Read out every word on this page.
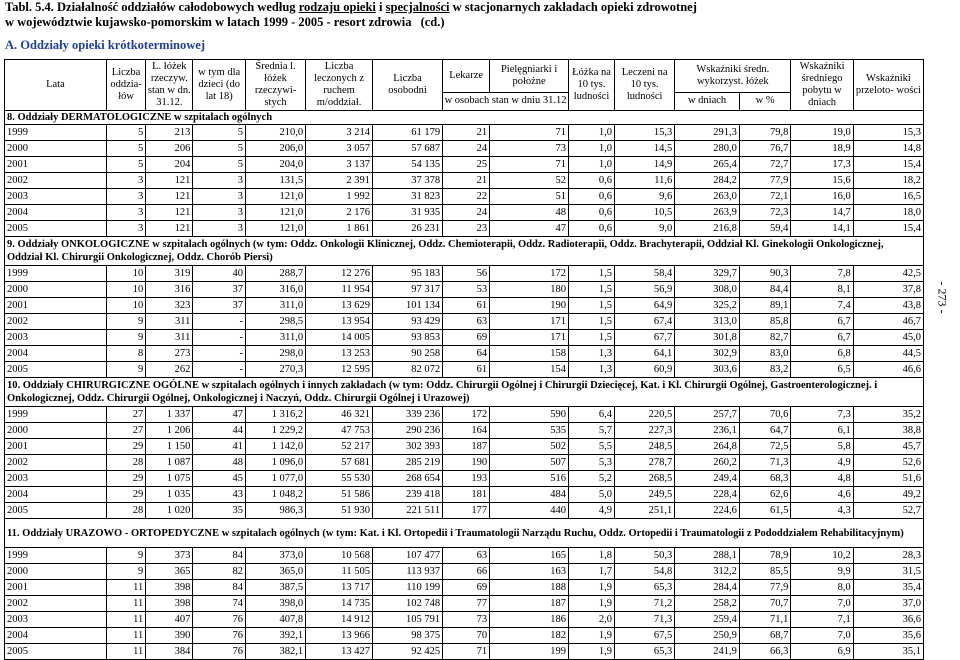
Tabl. 5.4. Działalność oddziałów całodobowych według rodzaju opieki i specjalności w stacjonarnych zakładach opieki zdrowotnej
w województwie kujawsko-pomorskim w latach 1999 - 2005 - resort zdrowia (cd.)
A. Oddziały opieki krótkoterminowej
- 273 -
Lata	Liczba oddzia- łów	L. łóżek rzeczyw. stan w dn. 31.12.	w tym dla dzieci (do lat 18)	Średnia l. łóżek rzeczywi- stych	Liczba leczonych z ruchem m/oddział.	Liczba osobodni	Lekarze	Pielęgniarki i położne	Łóżka na 10 tys. ludności	Leczeni na 10 tys. ludności	Wskaźniki średn. wykorzyst. łóżek		Wskaźniki średniego pobytu w dniach	Wskaźniki przeloto- wości
							w osobach stan w dniu 31.12				w dniach	w %		
8. Oddziały DERMATOLOGICZNE w szpitalach ogólnych														
1999	5	213	5	210,0	3 214	61 179	21	71	1,0	15,3	291,3	79,8	19,0	15,3
2000	5	206	5	206,0	3 057	57 687	24	73	1,0	14,5	280,0	76,7	18,9	14,8
2001	5	204	5	204,0	3 137	54 135	25	71	1,0	14,9	265,4	72,7	17,3	15,4
2002	3	121	3	131,5	2 391	37 378	21	52	0,6	11,6	284,2	77,9	15,6	18,2
2003	3	121	3	121,0	1 992	31 823	22	51	0,6	9,6	263,0	72,1	16,0	16,5
2004	3	121	3	121,0	2 176	31 935	24	48	0,6	10,5	263,9	72,3	14,7	18,0
2005	3	121	3	121,0	1 861	26 231	23	47	0,6	9,0	216,8	59,4	14,1	15,4
9. Oddziały ONKOLOGICZNE w szpitalach ogólnych (w tym: Oddz. Onkologii Klinicznej, Oddz. Chemioterapii, Oddz. Radioterapii, Oddz. Brachyterapii, Oddział Kl. Ginekologii Onkologicznej, Oddział Kl. Chirurgii Onkologicznej, Oddz. Chorób Piersi)														
1999	10	319	40	288,7	12 276	95 183	56	172	1,5	58,4	329,7	90,3	7,8	42,5
2000	10	316	37	316,0	11 954	97 317	53	180	1,5	56,9	308,0	84,4	8,1	37,8
2001	10	323	37	311,0	13 629	101 134	61	190	1,5	64,9	325,2	89,1	7,4	43,8
2002	9	311	-	298,5	13 954	93 429	63	171	1,5	67,4	313,0	85,8	6,7	46,7
2003	9	311	-	311,0	14 005	93 853	69	171	1,5	67,7	301,8	82,7	6,7	45,0
2004	8	273	-	298,0	13 253	90 258	64	158	1,3	64,1	302,9	83,0	6,8	44,5
2005	9	262	-	270,3	12 595	82 072	61	154	1,3	60,9	303,6	83,2	6,5	46,6
10. Oddziały CHIRURGICZNE OGÓLNE w szpitalach ogólnych i innych zakładach (w tym: Oddz. Chirurgii Ogólnej i Chirurgii Dziecięcej, Kat. i Kl. Chirurgii Ogólnej, Gastroenterologicznej. i Onkologicznej, Oddz. Chirurgii Ogólnej, Onkologicznej i Naczyń, Oddz. Chirurgii Ogólnej i Urazowej)														
1999	27	1 337	47	1 316,2	46 321	339 236	172	590	6,4	220,5	257,7	70,6	7,3	35,2
2000	27	1 206	44	1 229,2	47 753	290 236	164	535	5,7	227,3	236,1	64,7	6,1	38,8
2001	29	1 150	41	1 142,0	52 217	302 393	187	502	5,5	248,5	264,8	72,5	5,8	45,7
2002	28	1 087	48	1 096,0	57 681	285 219	190	507	5,3	278,7	260,2	71,3	4,9	52,6
2003	29	1 075	45	1 077,0	55 530	268 654	193	516	5,2	268,5	249,4	68,3	4,8	51,6
2004	29	1 035	43	1 048,2	51 586	239 418	181	484	5,0	249,5	228,4	62,6	4,6	49,2
2005	28	1 020	35	986,3	51 930	221 511	177	440	4,9	251,1	224,6	61,5	4,3	52,7
11. Oddziały URAZOWO - ORTOPEDYCZNE w szpitalach ogólnych (w tym: Kat. i Kl. Ortopedii i Traumatologii Narządu Ruchu, Oddz. Ortopedii i Traumatologii z Pododdziałem Rehabilitacyjnym)														
1999	9	373	84	373,0	10 568	107 477	63	165	1,8	50,3	288,1	78,9	10,2	28,3
2000	9	365	82	365,0	11 505	113 937	66	163	1,7	54,8	312,2	85,5	9,9	31,5
2001	11	398	84	387,5	13 717	110 199	69	188	1,9	65,3	284,4	77,9	8,0	35,4
2002	11	398	74	398,0	14 735	102 748	77	187	1,9	71,2	258,2	70,7	7,0	37,0
2003	11	407	76	407,8	14 912	105 791	73	186	2,0	71,3	259,4	71,1	7,1	36,6
2004	11	390	76	392,1	13 966	98 375	70	182	1,9	67,5	250,9	68,7	7,0	35,6
2005	11	384	76	382,1	13 427	92 425	71	199	1,9	65,3	241,9	66,3	6,9	35,1
